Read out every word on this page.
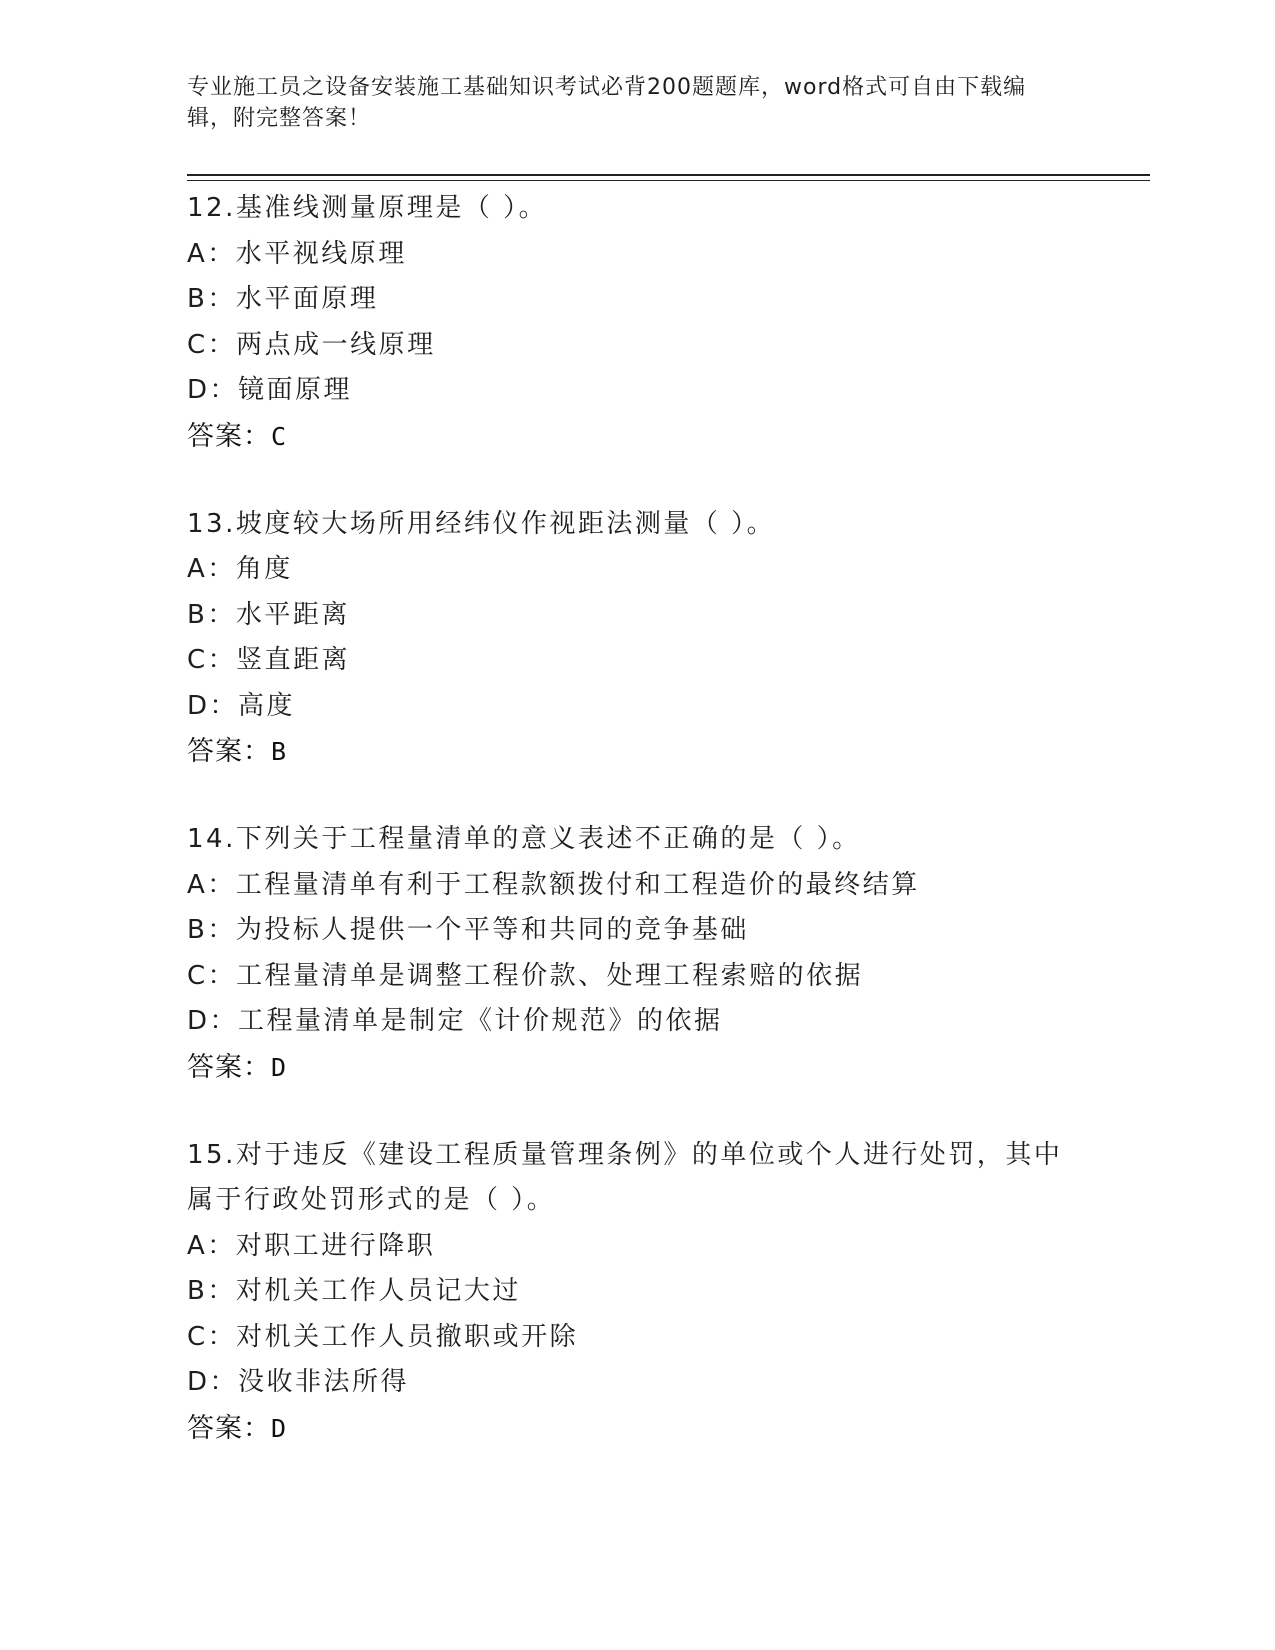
专业施工员之设备安装施工基础知识考试必背200题题库，word格式可自由下载编辑，附完整答案！
12.基准线测量原理是（ ）。
A：水平视线原理
B：水平面原理
C：两点成一线原理
D：镜面原理
答案：C
13.坡度较大场所用经纬仪作视距法测量（ ）。
A：角度
B：水平距离
C：竖直距离
D：高度
答案：B
14.下列关于工程量清单的意义表述不正确的是（ ）。
A：工程量清单有利于工程款额拨付和工程造价的最终结算
B：为投标人提供一个平等和共同的竞争基础
C：工程量清单是调整工程价款、处理工程索赔的依据
D：工程量清单是制定《计价规范》的依据
答案：D
15.对于违反《建设工程质量管理条例》的单位或个人进行处罚，其中属于行政处罚形式的是（ ）。
A：对职工进行降职
B：对机关工作人员记大过
C：对机关工作人员撤职或开除
D：没收非法所得
答案：D
